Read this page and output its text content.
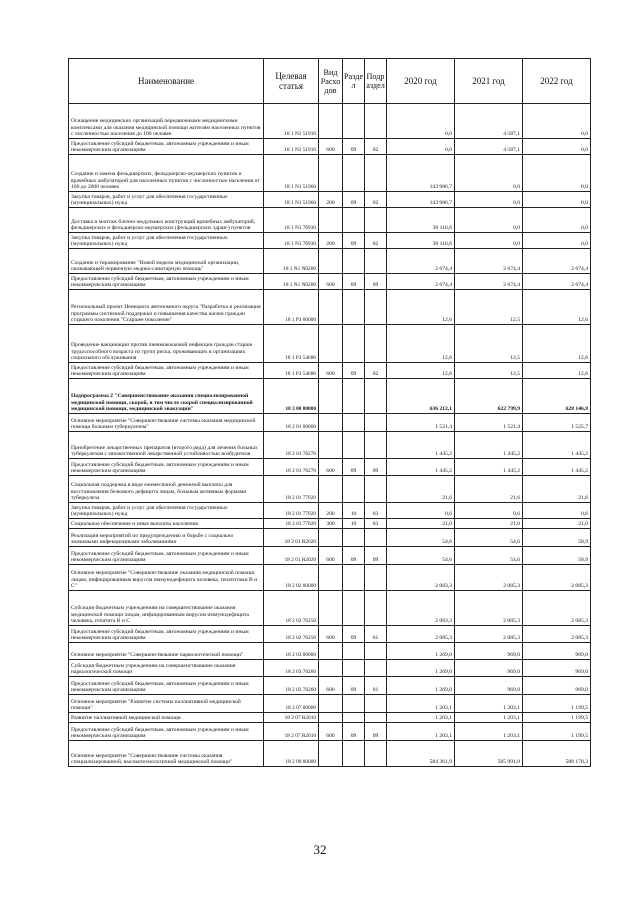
Наименование	Целевая статья	Вид Расхо дов	Разде л	Подр аздел	2020 год	2021 год	2022 год
Оснащение медицинских организаций передвижными медицинскими комплексами для оказания медицинской помощи жителям населенных пунктов с численностью населения до 100 человек	18 1 N1 51910				0,0	4 587,1	0,0
Предоставление субсидий бюджетным, автономным учреждениям и иным некоммерческим организациям	18 1 N1 51910	600	09	02	0,0	4 587,1	0,0
Создание и замена фельдшерских, фельдшерско-акушерских пунктов и врачебных амбулаторий для населенных пунктов с численностью населения от 100 до 2000 человек	18 1 N1 51960				143 986,7	0,0	0,0
Закупка товаров, работ и услуг для обеспечения государственных (муниципальных) нужд	18 1 N1 51960	200	09	02	143 986,7	0,0	0,0
Доставка и монтаж блочно-модульных конструкций врачебных амбулаторий, фельдшерских и фельдшерско-акушерских (фельдшерских здрав-) пунктов	18 1 N1 76930				30 116,6	0,0	0,0
Закупка товаров, работ и услуг для обеспечения государственных (муниципальных) нужд	18 1 N1 76930	200	09	02	30 116,6	0,0	0,0
Создание и тиражирование "Новой модели медицинской организации, оказывающей первичную медико-санитарную помощь"	18 1 N1 N0200				2 674,4	2 674,4	2 674,4
Предоставление субсидий бюджетным, автономным учреждениям и иным некоммерческим организациям	18 1 N1 N0200	600	09	09	2 674,4	2 674,4	2 674,4
Региональный проект Ненецкого автономного округа "Разработка и реализация программы системной поддержки и повышения качества жизни граждан старшего поколения "Старшее поколение"	18 1 P3 00000				12,6	12,5	12,6
Проведение вакцинации против пневмококковой инфекции граждан старше трудоспособного возраста из групп риска, проживающих в организациях социального обслуживания	18 1 P3 54680				12,6	12,5	12,6
Предоставление субсидий бюджетным, автономным учреждениям и иным некоммерческим организациям	18 1 P3 54680	600	09	02	12,6	12,5	12,6
Подпрограмма 2 "Совершенствование оказания специализированной медицинской помощи, скорой, в том числе скорой специализированной медицинской помощи, медицинской эвакуации"	18 2 00 00000				636 212,1	622 799,9	628 146,8
Основное мероприятие "Совершенствование системы оказания медицинской помощи больным туберкулезом"	18 2 01 00000				1 521,4	1 521,4	1 525,7
Приобретение лекарственных препаратов (второго ряда) для лечения больных туберкулезом с множественной лекарственной устойчивостью возбудителя	18 2 01 76270				1 445,2	1 445,2	1 445,2
Предоставление субсидий бюджетным, автономным учреждениям и иным некоммерческим организациям	18 2 01 76270	600	09	09	1 445,2	1 445,2	1 445,2
Социальная поддержка в виде ежемесячной денежной выплаты для восстановления белкового дефицита лицам, больным активным формами туберкулеза	18 2 01 77020				21,6	21,6	21,6
Закупка товаров, работ и услуг для обеспечения государственных (муниципальных) нужд	18 2 01 77020	200	10	03	0,6	0,6	0,6
Социальное обеспечение и иные выплаты населению	18 2 01 77020	300	10	03	21,0	21,0	21,0
Реализация мероприятий по предупреждению и борьбе с социально значимыми инфекционными заболеваниями	18 2 01 R2020				54,6	54,6	58,9
Предоставление субсидий бюджетным, автономным учреждениям и иным некоммерческим организациям	18 2 01 R2020	600	09	09	54,6	54,6	58,9
Основное мероприятие "Совершенствование оказания медицинской помощи лицам, инфицированным вирусом иммунодефицита человека, гепатитами B и C"	18 2 02 00000				2 083,3	2 085,3	2 085,3
Субсидия бюджетным учреждениям на совершенствование оказания медицинской помощи лицам, инфицированным вирусом иммунодефицита человека, гепатита B и C	18 2 02 76250				2 083,3	2 085,3	2 085,3
Предоставление субсидий бюджетным, автономным учреждениям и иным некоммерческим организациям	18 2 02 76250	600	09	01	2 085,3	2 085,3	2 085,3
Основное мероприятие "Совершенствование наркологической помощи"	18 2 03 00000				1 269,0	969,0	969,0
Субсидия бюджетным учреждениям на совершенствование оказания наркологической помощи	18 2 03 76260				1 269,0	969,0	969,0
Предоставление субсидий бюджетным, автономным учреждениям и иным некоммерческим организациям	18 2 03 76260	600	09	01	1 269,0	969,0	969,0
Основное мероприятие "Развитие системы паллиативной медицинской помощи"	18 2 07 00000				1 203,1	1 203,1	1 199,5
Развитие паллиативной медицинской помощи	18 2 07 R2010				1 203,1	1 203,1	1 199,5
Предоставление субсидий бюджетным, автономным учреждениям и иным некоммерческим организациям	18 2 07 R2010	600	09	09	1 203,1	1 203,1	1 199,5
Основное мероприятие "Совершенствование системы оказания специализированной, высокотехнологичной медицинской помощи"	18 2 09 00000				584 361,9	585 991,8	588 178,3
32
